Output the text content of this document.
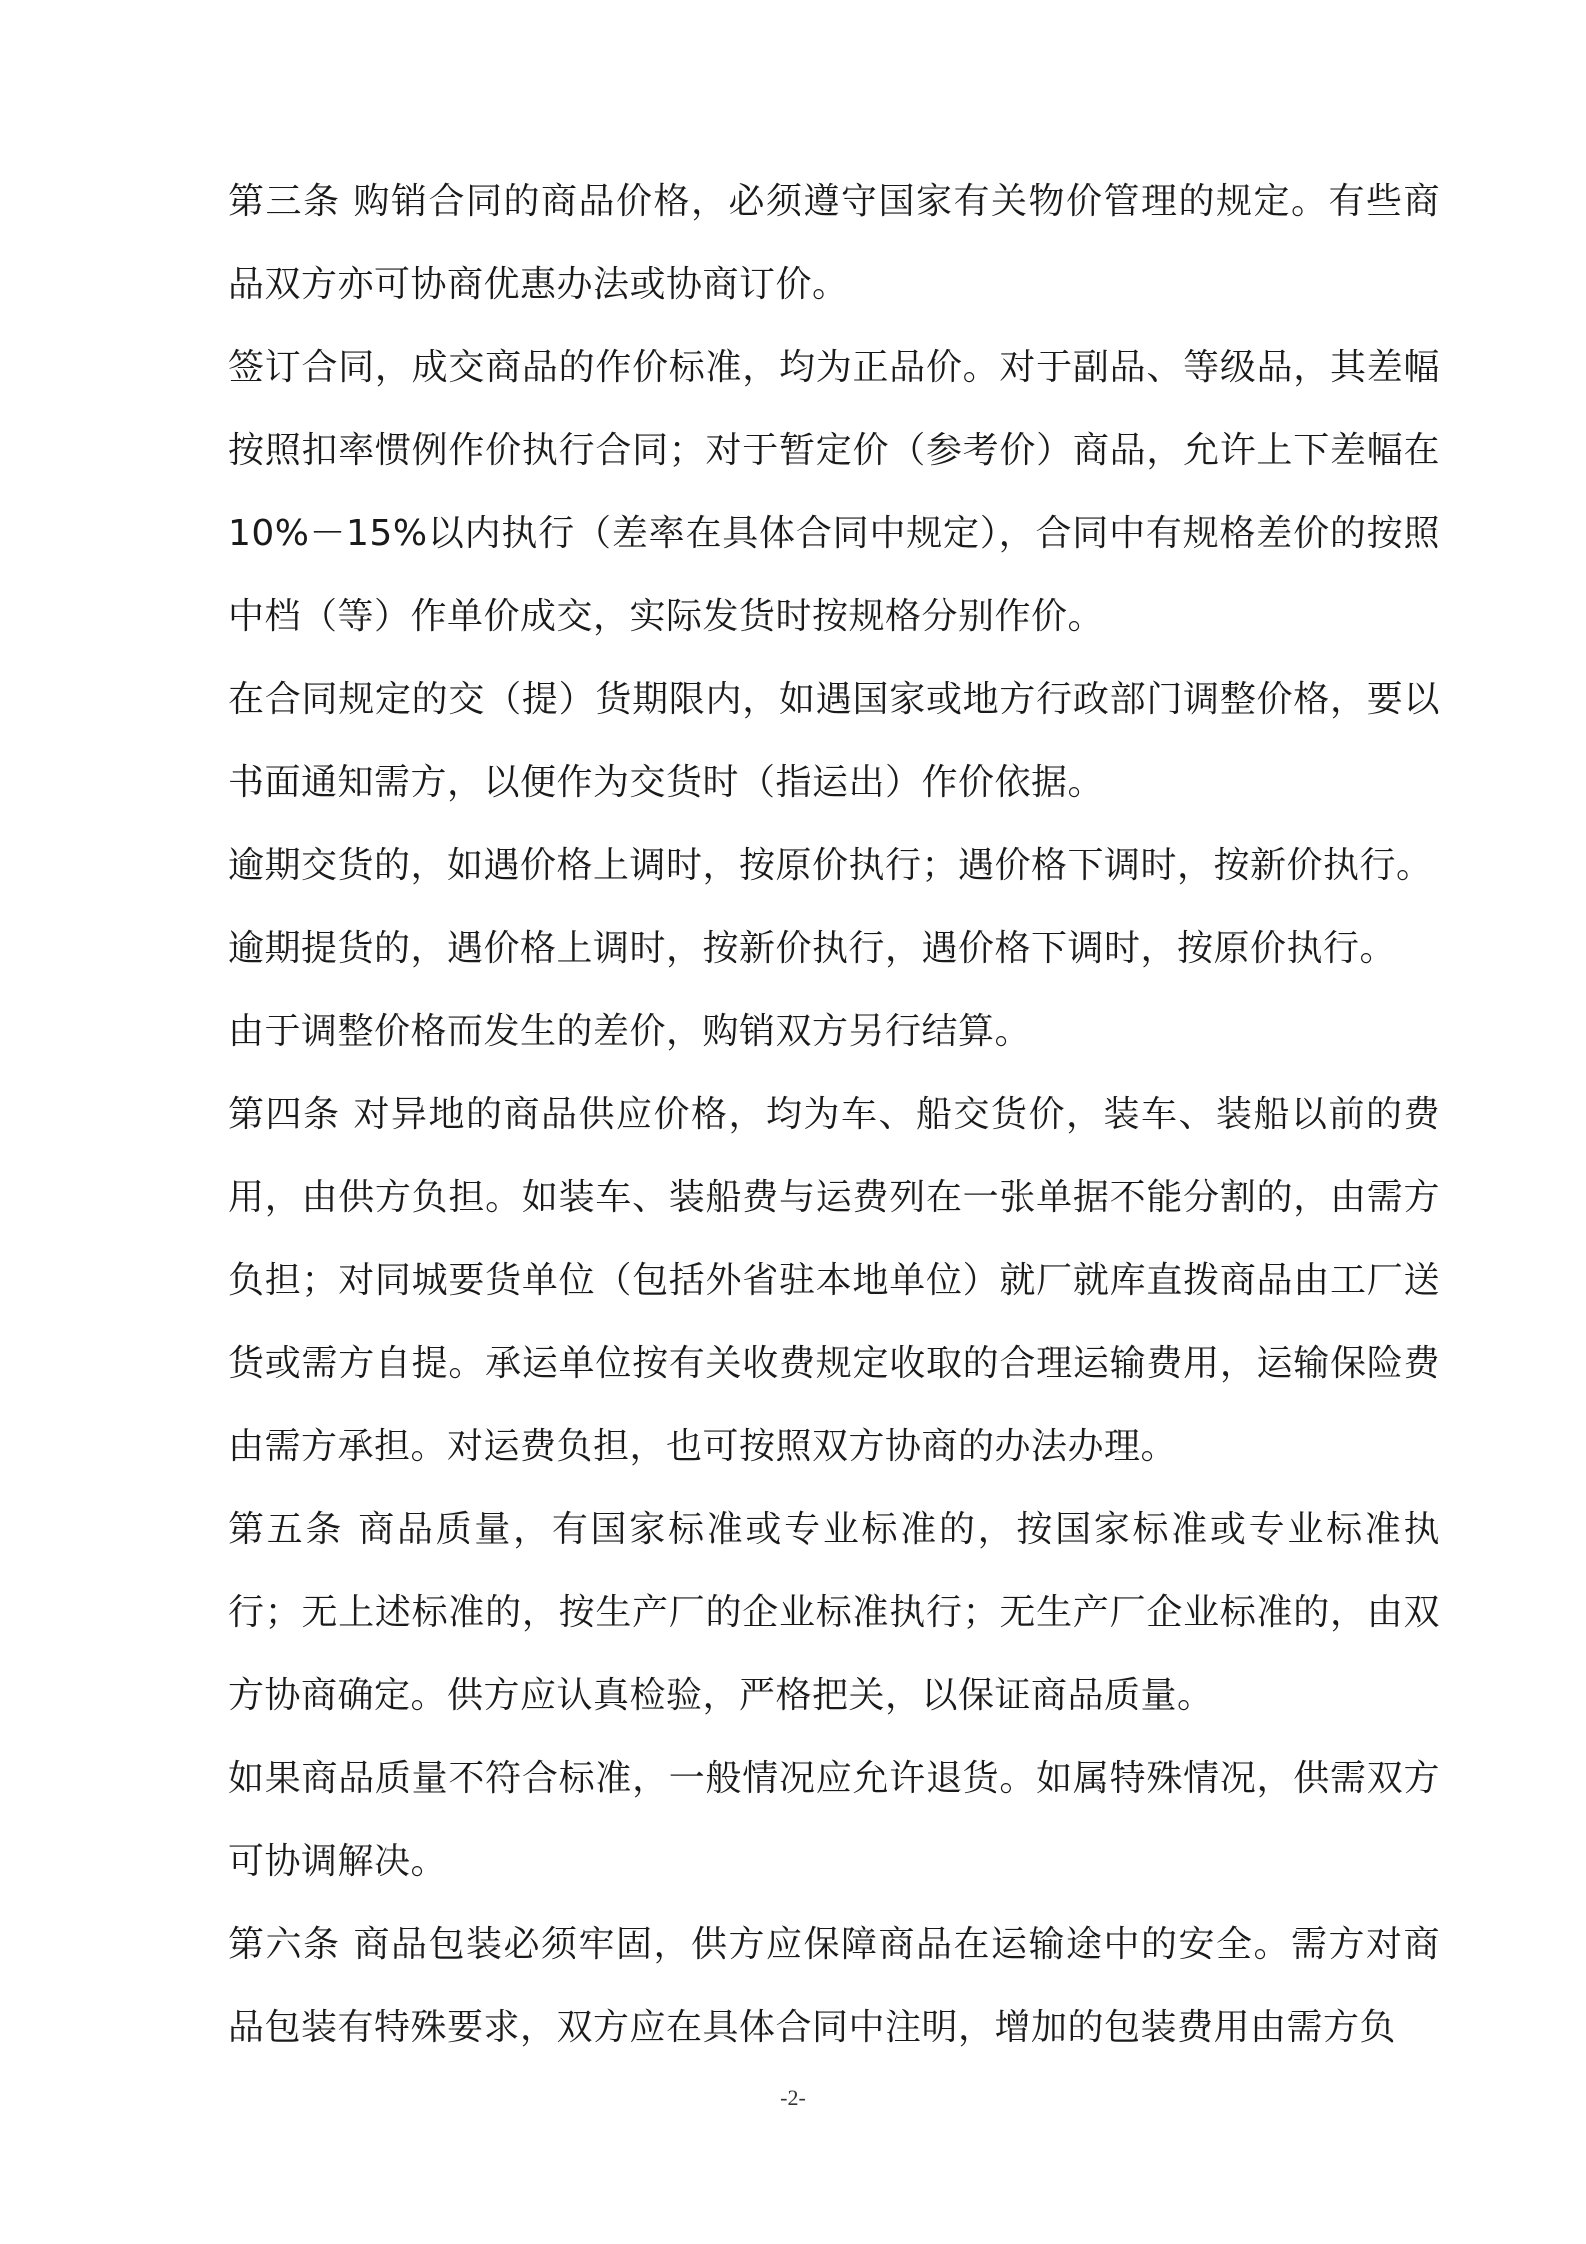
第三条 购销合同的商品价格，必须遵守国家有关物价管理的规定。有些商品双方亦可协商优惠办法或协商订价。

签订合同，成交商品的作价标准，均为正品价。对于副品、等级品，其差幅按照扣率惯例作价执行合同；对于暂定价（参考价）商品，允许上下差幅在 10%－15%以内执行（差率在具体合同中规定），合同中有规格差价的按照中档（等）作单价成交，实际发货时按规格分别作价。

在合同规定的交（提）货期限内，如遇国家或地方行政部门调整价格，要以书面通知需方，以便作为交货时（指运出）作价依据。

逾期交货的，如遇价格上调时，按原价执行；遇价格下调时，按新价执行。

逾期提货的，遇价格上调时，按新价执行，遇价格下调时，按原价执行。

由于调整价格而发生的差价，购销双方另行结算。

第四条 对异地的商品供应价格，均为车、船交货价，装车、装船以前的费用，由供方负担。如装车、装船费与运费列在一张单据不能分割的，由需方负担；对同城要货单位（包括外省驻本地单位）就厂就库直拨商品由工厂送货或需方自提。承运单位按有关收费规定收取的合理运输费用，运输保险费由需方承担。对运费负担，也可按照双方协商的办法办理。

第五条 商品质量，有国家标准或专业标准的，按国家标准或专业标准执行；无上述标准的，按生产厂的企业标准执行；无生产厂企业标准的，由双方协商确定。供方应认真检验，严格把关，以保证商品质量。

如果商品质量不符合标准，一般情况应允许退货。如属特殊情况，供需双方可协调解决。

第六条 商品包装必须牢固，供方应保障商品在运输途中的安全。需方对商品包装有特殊要求，双方应在具体合同中注明，增加的包装费用由需方负

-2-
